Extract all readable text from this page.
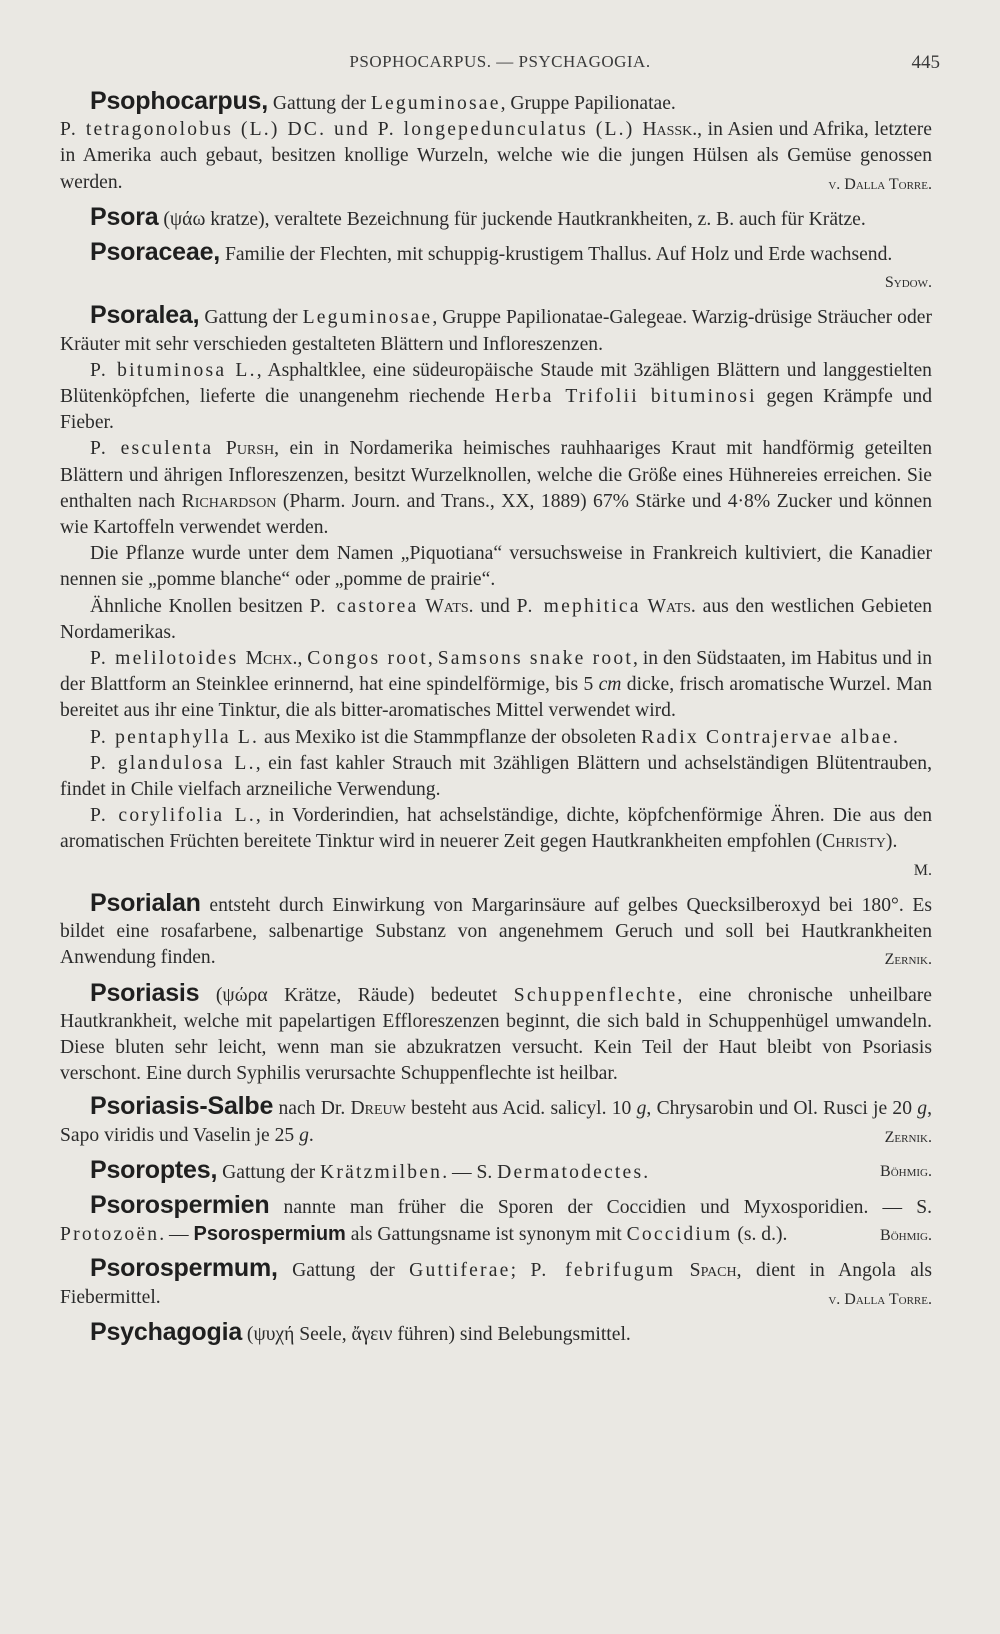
PSOPHOCARPUS. — PSYCHAGOGIA.	445

Psophocarpus, Gattung der Leguminosae, Gruppe Papilionatae.
P. tetragonolobus (L.) DC. und P. longepedunculatus (L.) Hassk., in Asien und Afrika, letztere in Amerika auch gebaut, besitzen knollige Wurzeln, welche wie die jungen Hülsen als Gemüse genossen werden.	v. Dalla Torre.

Psora (ψάω kratze), veraltete Bezeichnung für juckende Hautkrankheiten, z. B. auch für Krätze.

Psoraceae, Familie der Flechten, mit schuppig-krustigem Thallus. Auf Holz und Erde wachsend.
Sydow.

Psoralea, Gattung der Leguminosae, Gruppe Papilionatae-Galegeae. Warzig-drüsige Sträucher oder Kräuter mit sehr verschieden gestalteten Blättern und Infloreszenzen.

P. bituminosa L., Asphaltklee, eine südeuropäische Staude mit 3zähligen Blättern und langgestielten Blütenköpfchen, lieferte die unangenehm riechende Herba Trifolii bituminosi gegen Krämpfe und Fieber.

P. esculenta Pursh, ein in Nordamerika heimisches rauhhaariges Kraut mit handförmig geteilten Blättern und ährigen Infloreszenzen, besitzt Wurzelknollen, welche die Größe eines Hühnereies erreichen. Sie enthalten nach Richardson (Pharm. Journ. and Trans., XX, 1889) 67% Stärke und 4·8% Zucker und können wie Kartoffeln verwendet werden.

Die Pflanze wurde unter dem Namen „Piquotiana“ versuchsweise in Frankreich kultiviert, die Kanadier nennen sie „pomme blanche“ oder „pomme de prairie“.

Ähnliche Knollen besitzen P. castorea Wats. und P. mephitica Wats. aus den westlichen Gebieten Nordamerikas.

P. melilotoides Mchx., Congos root, Samsons snake root, in den Südstaaten, im Habitus und in der Blattform an Steinklee erinnernd, hat eine spindelförmige, bis 5 cm dicke, frisch aromatische Wurzel. Man bereitet aus ihr eine Tinktur, die als bitter-aromatisches Mittel verwendet wird.

P. pentaphylla L. aus Mexiko ist die Stammpflanze der obsoleten Radix Contrajervae albae.

P. glandulosa L., ein fast kahler Strauch mit 3zähligen Blättern und achselständigen Blütentrauben, findet in Chile vielfach arzneiliche Verwendung.

P. corylifolia L., in Vorderindien, hat achselständige, dichte, köpfchenförmige Ähren. Die aus den aromatischen Früchten bereitete Tinktur wird in neuerer Zeit gegen Hautkrankheiten empfohlen (Christy).
M.

Psorialan entsteht durch Einwirkung von Margarinsäure auf gelbes Quecksilberoxyd bei 180°. Es bildet eine rosafarbene, salbenartige Substanz von angenehmem Geruch und soll bei Hautkrankheiten Anwendung finden.	Zernik.

Psoriasis (ψώρα Krätze, Räude) bedeutet Schuppenflechte, eine chronische unheilbare Hautkrankheit, welche mit papelartigen Effloreszenzen beginnt, die sich bald in Schuppenhügel umwandeln. Diese bluten sehr leicht, wenn man sie abzukratzen versucht. Kein Teil der Haut bleibt von Psoriasis verschont. Eine durch Syphilis verursachte Schuppenflechte ist heilbar.

Psoriasis-Salbe nach Dr. Dreuw besteht aus Acid. salicyl. 10 g, Chrysarobin und Ol. Rusci je 20 g, Sapo viridis und Vaselin je 25 g.	Zernik.

Psoroptes, Gattung der Krätzmilben. — S. Dermatodectes.	Böhmig.

Psorospermien nannte man früher die Sporen der Coccidien und Myxosporidien. — S. Protozoën. — Psorospermium als Gattungsname ist synonym mit Coccidium (s. d.).	Böhmig.

Psorospermum, Gattung der Guttiferae; P. febrifugum Spach, dient in Angola als Fiebermittel.	v. Dalla Torre.

Psychagogia (ψυχή Seele, ἄγειν führen) sind Belebungsmittel.
